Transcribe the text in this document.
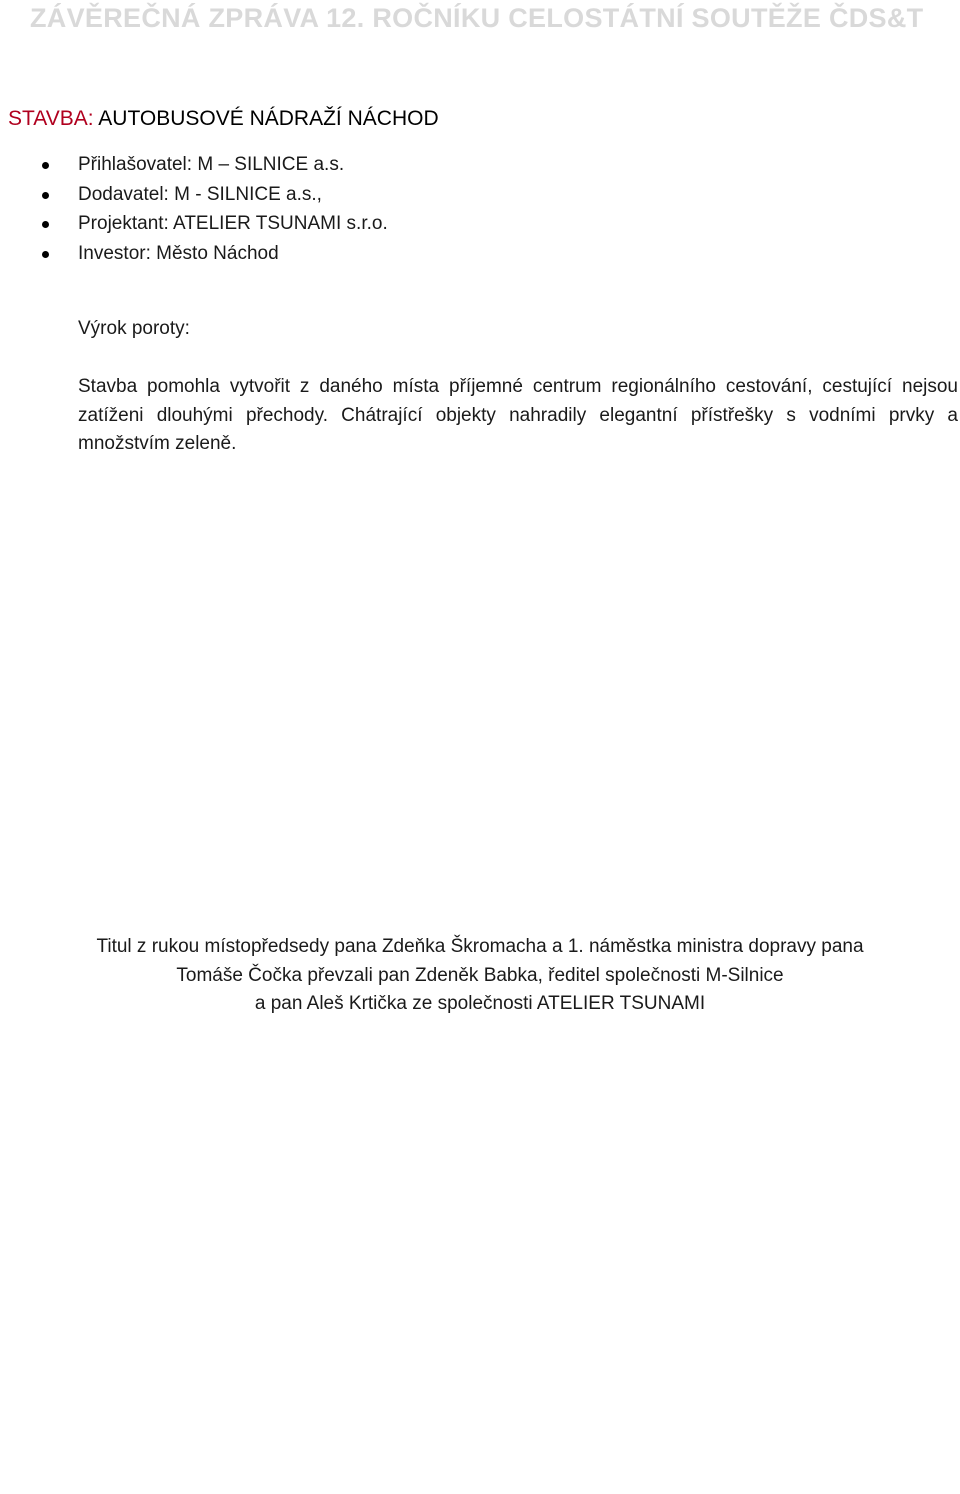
ZÁVĚREČNÁ ZPRÁVA 12. ROČNÍKU CELOSTÁTNÍ SOUTĚŽE ČDS&T
STAVBA: AUTOBUSOVÉ NÁDRAŽÍ NÁCHOD
Přihlašovatel: M – SILNICE a.s.
Dodavatel: M - SILNICE a.s.,
Projektant: ATELIER TSUNAMI s.r.o.
Investor: Město Náchod
Výrok poroty:

Stavba pomohla vytvořit z daného místa příjemné centrum regionálního cestování, cestující nejsou zatíženi dlouhými přechody. Chátrající objekty nahradily elegantní přístřešky s vodními prvky a množstvím zeleně.

Titul z rukou místopředsedy pana Zdeňka Škromacha a 1. náměstka ministra dopravy pana
Tomáše Čočka převzali pan Zdeněk Babka, ředitel společnosti M-Silnice
a pan Aleš Krtička ze společnosti ATELIER TSUNAMI
